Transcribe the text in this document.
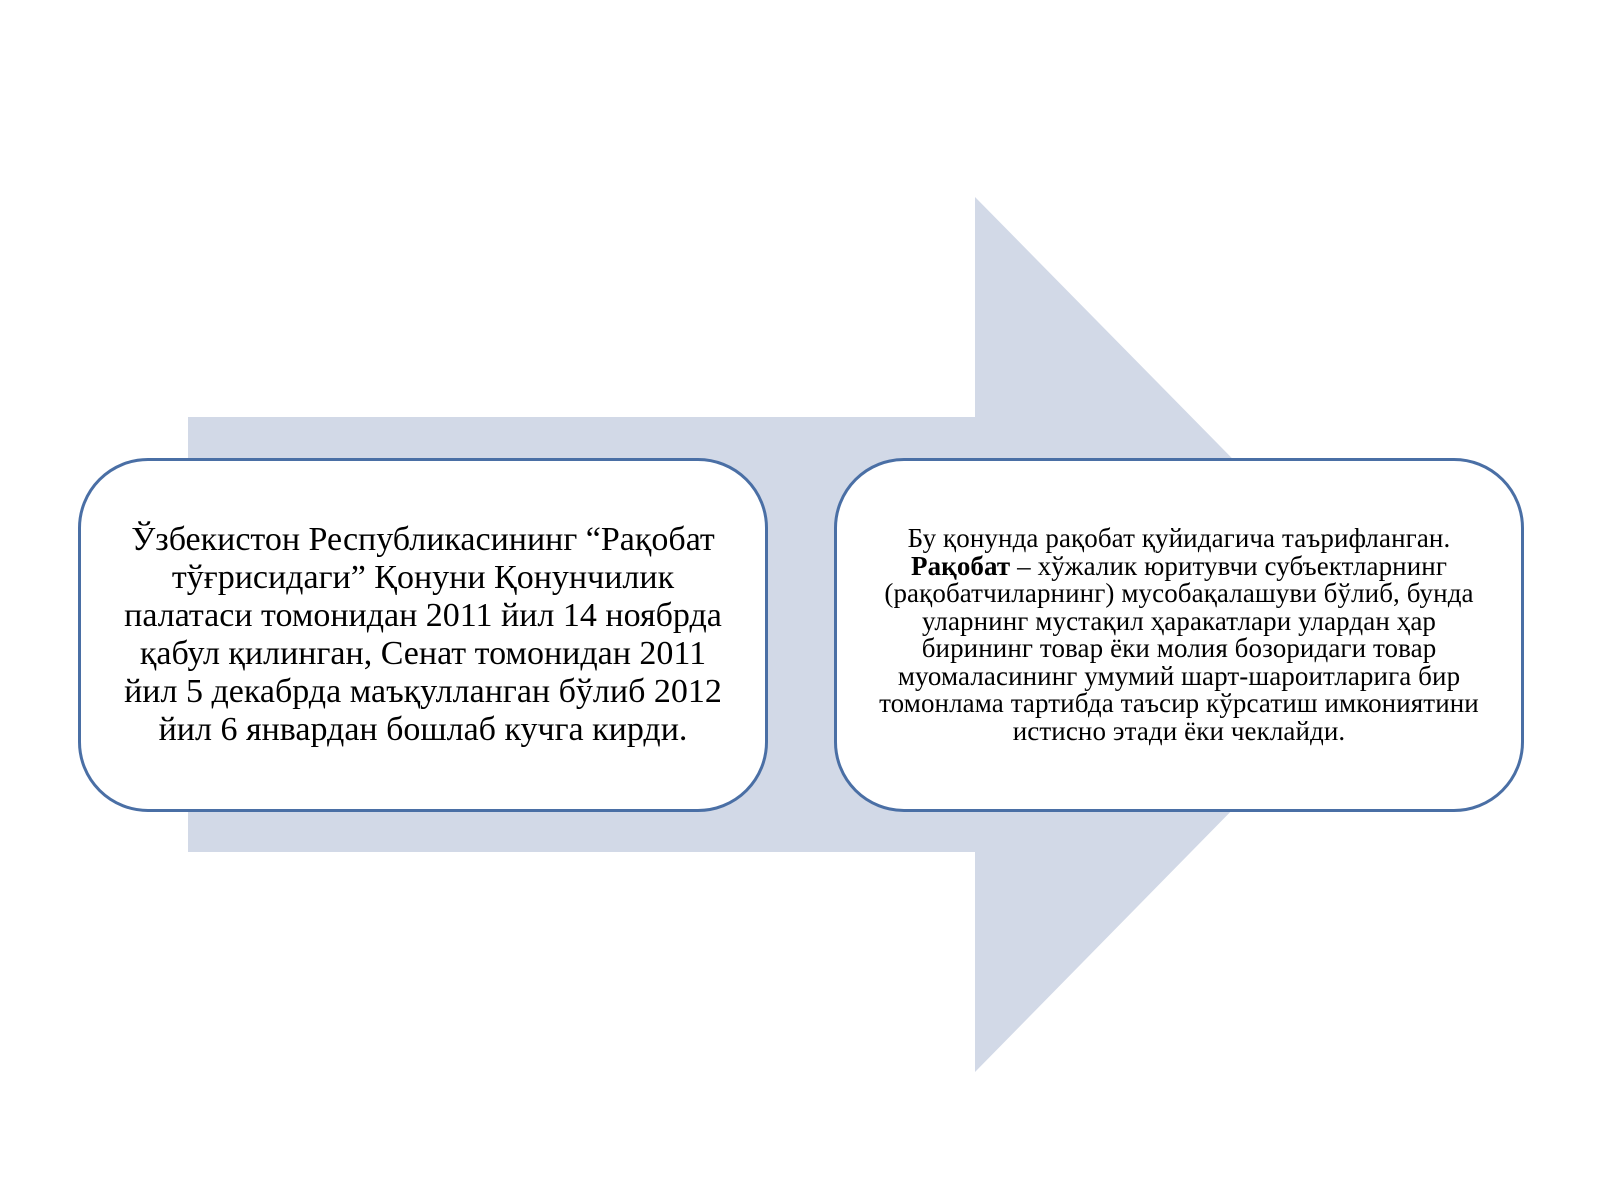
Ўзбекистон Республикасининг “Рақобат тўғрисидаги” Қонуни Қонунчилик палатаси томонидан 2011 йил 14 ноябрда қабул қилинган, Сенат томонидан 2011 йил 5 декабрда маъқулланган бўлиб 2012 йил 6 январдан бошлаб кучга кирди.
Бу қонунда рақобат қуйидагича таърифланган. Рақобат – хўжалик юритувчи субъектларнинг (рақобатчиларнинг) мусобақалашуви бўлиб, бунда уларнинг мустақил ҳаракатлари улардан ҳар бирининг товар ёки молия бозоридаги товар муомаласининг умумий шарт-шароитларига бир томонлама тартибда таъсир кўрсатиш имкониятини истисно этади ёки чеклайди.
